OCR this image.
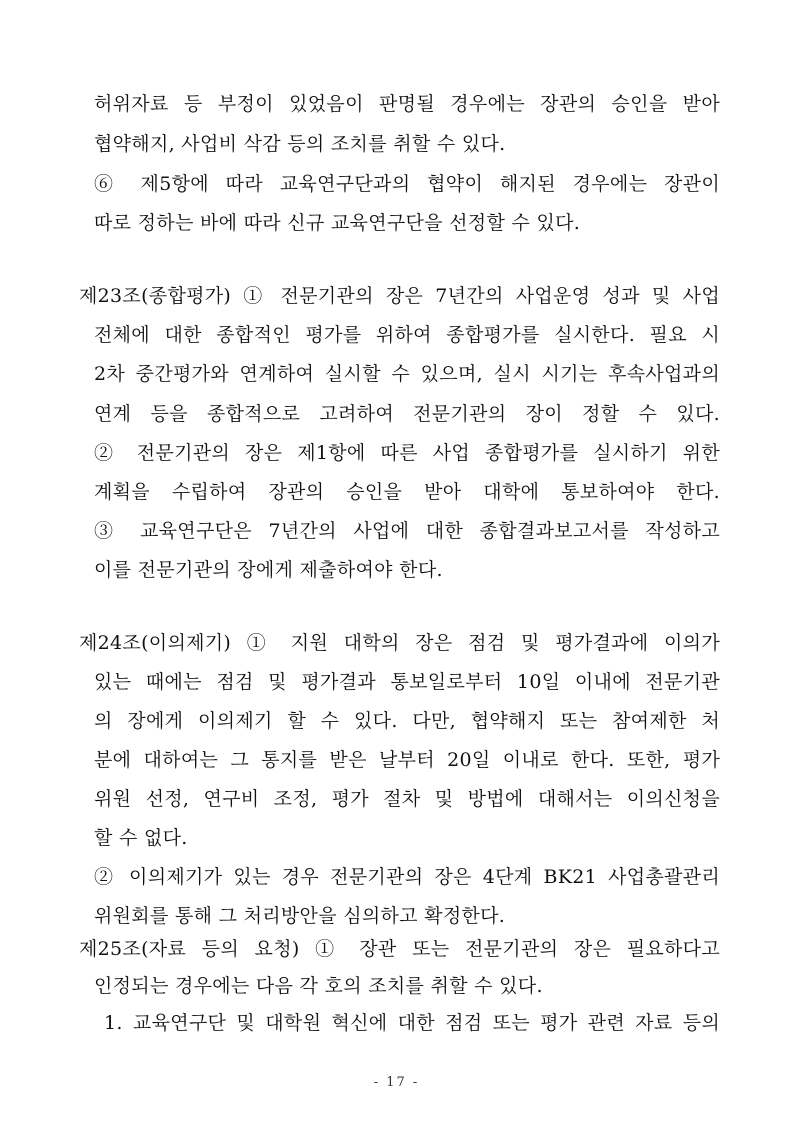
허위자료 등 부정이 있었음이 판명될 경우에는 장관의 승인을 받아
협약해지, 사업비 삭감 등의 조치를 취할 수 있다.
⑥ 제5항에 따라 교육연구단과의 협약이 해지된 경우에는 장관이
따로 정하는 바에 따라 신규 교육연구단을 선정할 수 있다.
제23조(종합평가) ① 전문기관의 장은 7년간의 사업운영 성과 및 사업
전체에 대한 종합적인 평가를 위하여 종합평가를 실시한다. 필요 시
2차 중간평가와 연계하여 실시할 수 있으며, 실시 시기는 후속사업과의
연계 등을 종합적으로 고려하여 전문기관의 장이 정할 수 있다.
② 전문기관의 장은 제1항에 따른 사업 종합평가를 실시하기 위한
계획을 수립하여 장관의 승인을 받아 대학에 통보하여야 한다.
③ 교육연구단은 7년간의 사업에 대한 종합결과보고서를 작성하고
이를 전문기관의 장에게 제출하여야 한다.
제24조(이의제기) ① 지원 대학의 장은 점검 및 평가결과에 이의가
있는 때에는 점검 및 평가결과 통보일로부터 10일 이내에 전문기관
의 장에게 이의제기 할 수 있다. 다만, 협약해지 또는 참여제한 처
분에 대하여는 그 통지를 받은 날부터 20일 이내로 한다. 또한, 평가
위원 선정, 연구비 조정, 평가 절차 및 방법에 대해서는 이의신청을
할 수 없다.
② 이의제기가 있는 경우 전문기관의 장은 4단계 BK21 사업총괄관리
위원회를 통해 그 처리방안을 심의하고 확정한다.
제25조(자료 등의 요청) ① 장관 또는 전문기관의 장은 필요하다고
인정되는 경우에는 다음 각 호의 조치를 취할 수 있다.
1. 교육연구단 및 대학원 혁신에 대한 점검 또는 평가 관련 자료 등의
- 17 -
